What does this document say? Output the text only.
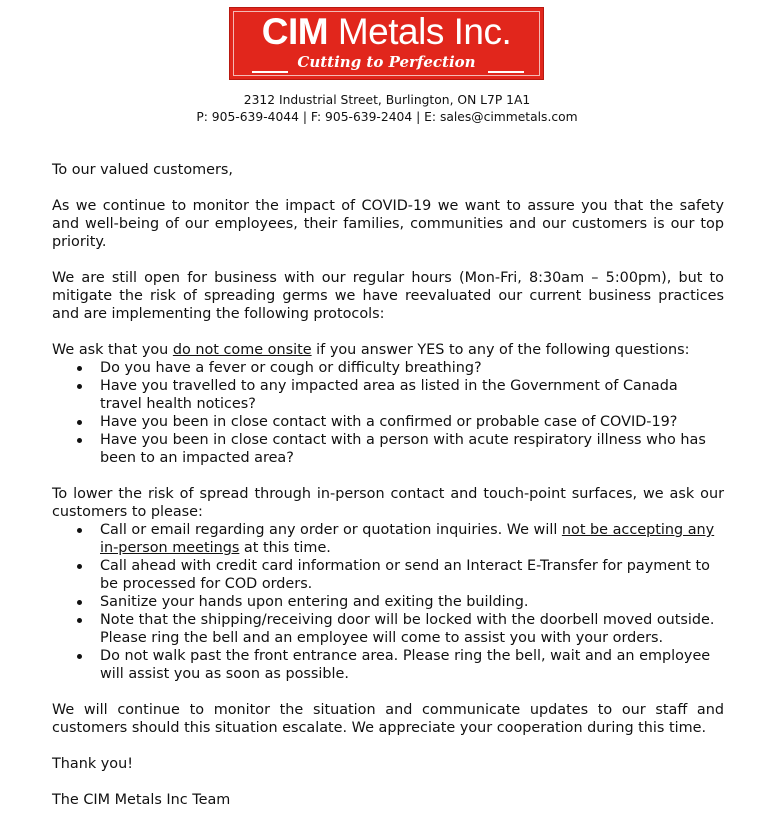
CIM Metals Inc.
Cutting to Perfection
2312 Industrial Street, Burlington, ON L7P 1A1
P: 905-639-4044 | F: 905-639-2404 | E: sales@cimmetals.com

To our valued customers,

As we continue to monitor the impact of COVID-19 we want to assure you that the safety and well-being of our employees, their families, communities and our customers is our top priority.

We are still open for business with our regular hours (Mon-Fri, 8:30am – 5:00pm), but to mitigate the risk of spreading germs we have reevaluated our current business practices and are implementing the following protocols:

We ask that you do not come onsite if you answer YES to any of the following questions:

Do you have a fever or cough or difficulty breathing?
Have you travelled to any impacted area as listed in the Government of Canada travel health notices?
Have you been in close contact with a confirmed or probable case of COVID-19?
Have you been in close contact with a person with acute respiratory illness who has been to an impacted area?

To lower the risk of spread through in-person contact and touch-point surfaces, we ask our customers to please:

Call or email regarding any order or quotation inquiries. We will not be accepting any in-person meetings at this time.
Call ahead with credit card information or send an Interact E-Transfer for payment to be processed for COD orders.
Sanitize your hands upon entering and exiting the building.
Note that the shipping/receiving door will be locked with the doorbell moved outside. Please ring the bell and an employee will come to assist you with your orders.
Do not walk past the front entrance area. Please ring the bell, wait and an employee will assist you as soon as possible.

We will continue to monitor the situation and communicate updates to our staff and customers should this situation escalate. We appreciate your cooperation during this time.

Thank you!

The CIM Metals Inc Team
